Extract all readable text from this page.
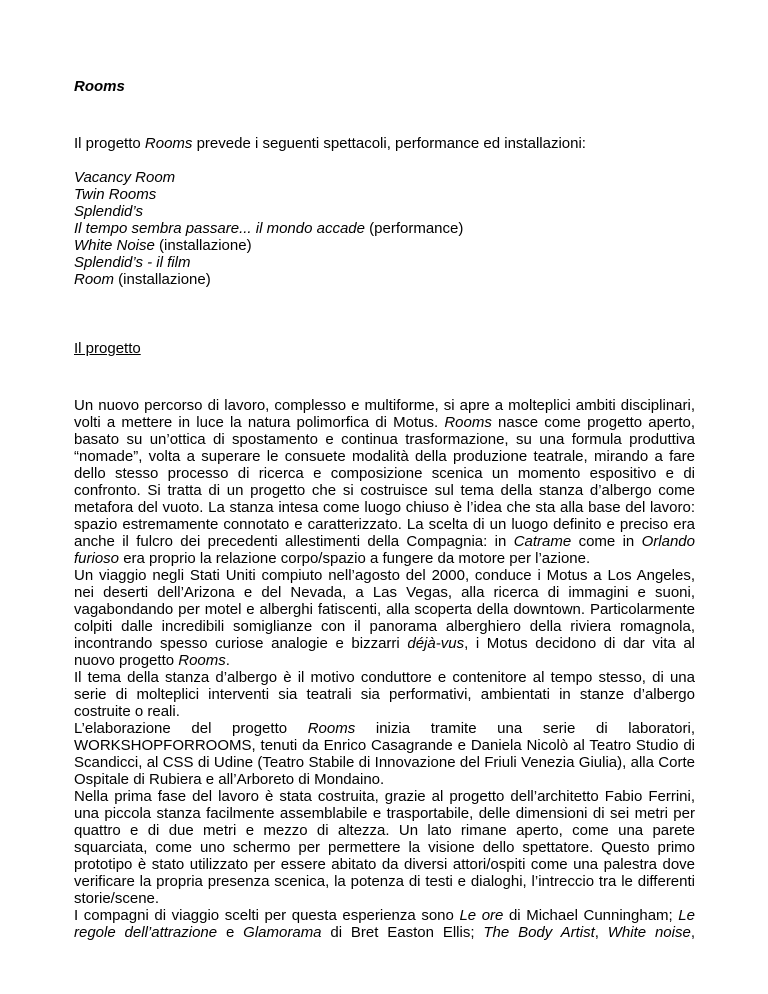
Rooms

Il progetto Rooms prevede i seguenti spettacoli, performance ed installazioni:

Vacancy Room
Twin Rooms
Splendid’s
Il tempo sembra passare... il mondo accade (performance)
White Noise (installazione)
Splendid’s - il film
Room (installazione)

Il progetto

Un nuovo percorso di lavoro, complesso e multiforme, si apre a molteplici ambiti disciplinari, volti a mettere in luce la natura polimorfica di Motus. Rooms nasce come progetto aperto, basato su un’ottica di spostamento e continua trasformazione, su una formula produttiva “nomade”, volta a superare le consuete modalità della produzione teatrale, mirando a fare dello stesso processo di ricerca e composizione scenica un momento espositivo e di confronto. Si tratta di un progetto che si costruisce sul tema della stanza d’albergo come metafora del vuoto. La stanza intesa come luogo chiuso è l’idea che sta alla base del lavoro: spazio estremamente connotato e caratterizzato. La scelta di un luogo definito e preciso era anche il fulcro dei precedenti allestimenti della Compagnia: in Catrame come in Orlando furioso era proprio la relazione corpo/spazio a fungere da motore per l’azione.

Un viaggio negli Stati Uniti compiuto nell’agosto del 2000, conduce i Motus a Los Angeles, nei deserti dell’Arizona e del Nevada, a Las Vegas, alla ricerca di immagini e suoni, vagabondando per motel e alberghi fatiscenti, alla scoperta della downtown. Particolarmente colpiti dalle incredibili somiglianze con il panorama alberghiero della riviera romagnola, incontrando spesso curiose analogie e bizzarri déjà-vus, i Motus decidono di dar vita al nuovo progetto Rooms.

Il tema della stanza d’albergo è il motivo conduttore e contenitore al tempo stesso, di una serie di molteplici interventi sia teatrali sia performativi, ambientati in stanze d’albergo costruite o reali.

L’elaborazione del progetto Rooms inizia tramite una serie di laboratori, WORKSHOPFORROOMS, tenuti da Enrico Casagrande e Daniela Nicolò al Teatro Studio di Scandicci, al CSS di Udine (Teatro Stabile di Innovazione del Friuli Venezia Giulia), alla Corte Ospitale di Rubiera e all’Arboreto di Mondaino.

Nella prima fase del lavoro è stata costruita, grazie al progetto dell’architetto Fabio Ferrini, una piccola stanza facilmente assemblabile e trasportabile, delle dimensioni di sei metri per quattro e di due metri e mezzo di altezza. Un lato rimane aperto, come una parete squarciata, come uno schermo per permettere la visione dello spettatore. Questo primo prototipo è stato utilizzato per essere abitato da diversi attori/ospiti come una palestra dove verificare la propria presenza scenica, la potenza di testi e dialoghi, l’intreccio tra le differenti storie/scene.

I compagni di viaggio scelti per questa esperienza sono Le ore di Michael Cunningham; Le regole dell’attrazione e Glamorama di Bret Easton Ellis; The Body Artist, White noise,
